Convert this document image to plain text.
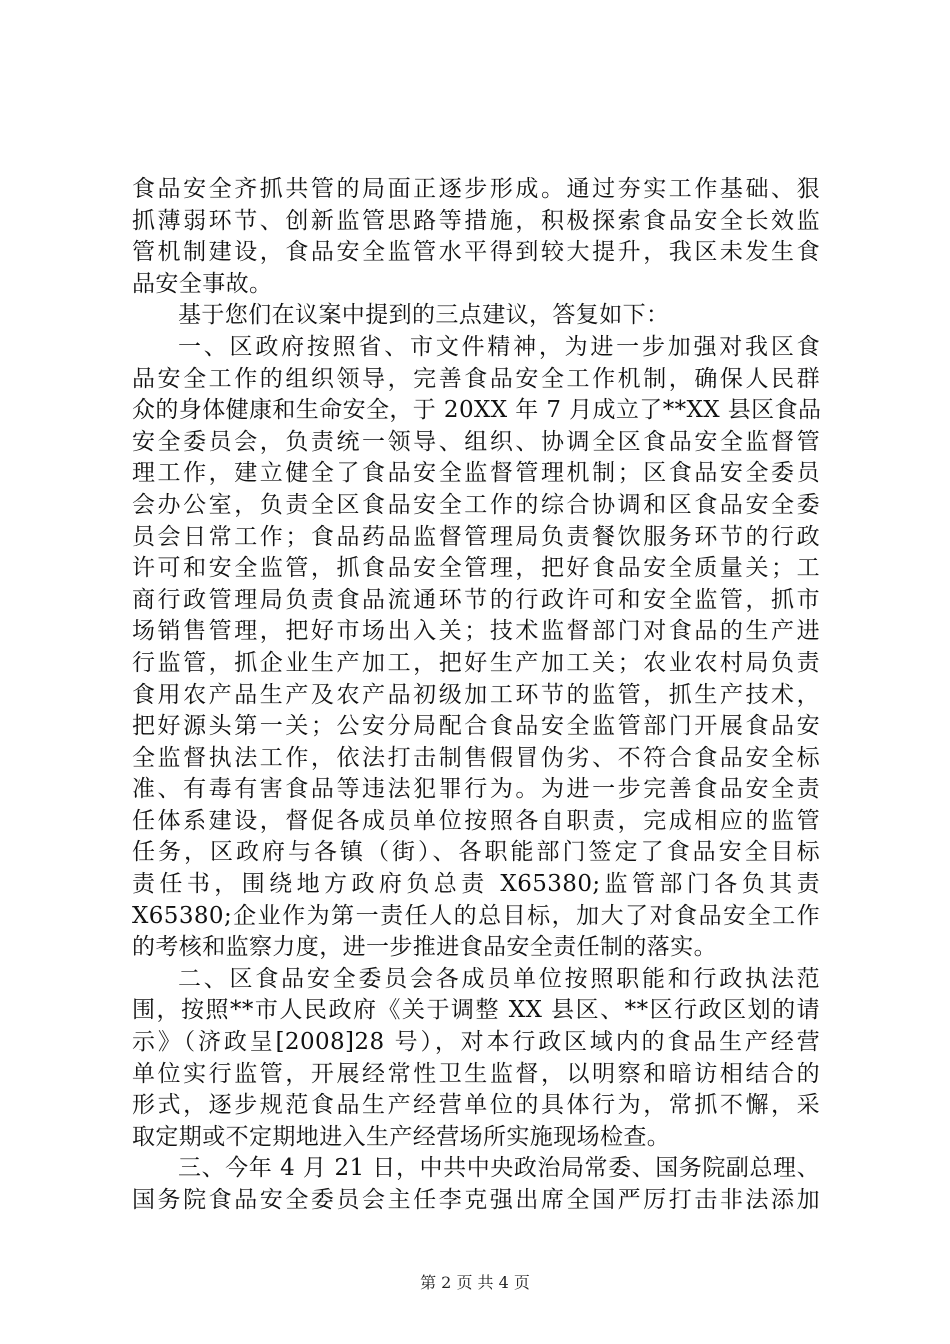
食品安全齐抓共管的局面正逐步形成。通过夯实工作基础、狠
抓薄弱环节、创新监管思路等措施，积极探索食品安全长效监
管机制建设，食品安全监管水平得到较大提升，我区未发生食
品安全事故。
基于您们在议案中提到的三点建议，答复如下：
一、区政府按照省、市文件精神，为进一步加强对我区食
品安全工作的组织领导，完善食品安全工作机制，确保人民群
众的身体健康和生命安全，于 20XX 年 7 月成立了**XX 县区食品
安全委员会，负责统一领导、组织、协调全区食品安全监督管
理工作，建立健全了食品安全监督管理机制；区食品安全委员
会办公室，负责全区食品安全工作的综合协调和区食品安全委
员会日常工作；食品药品监督管理局负责餐饮服务环节的行政
许可和安全监管，抓食品安全管理，把好食品安全质量关；工
商行政管理局负责食品流通环节的行政许可和安全监管，抓市
场销售管理，把好市场出入关；技术监督部门对食品的生产进
行监管，抓企业生产加工，把好生产加工关；农业农村局负责
食用农产品生产及农产品初级加工环节的监管，抓生产技术，
把好源头第一关；公安分局配合食品安全监管部门开展食品安
全监督执法工作，依法打击制售假冒伪劣、不符合食品安全标
准、有毒有害食品等违法犯罪行为。为进一步完善食品安全责
任体系建设，督促各成员单位按照各自职责，完成相应的监管
任务，区政府与各镇（街）、各职能部门签定了食品安全目标
责任书，围绕地方政府负总责 X65380;监管部门各负其责
X65380;企业作为第一责任人的总目标，加大了对食品安全工作
的考核和监察力度，进一步推进食品安全责任制的落实。
二、区食品安全委员会各成员单位按照职能和行政执法范
围，按照**市人民政府《关于调整 XX 县区、**区行政区划的请
示》（济政呈[2008]28 号），对本行政区域内的食品生产经营
单位实行监管，开展经常性卫生监督，以明察和暗访相结合的
形式，逐步规范食品生产经营单位的具体行为，常抓不懈，采
取定期或不定期地进入生产经营场所实施现场检查。
三、今年 4 月 21 日，中共中央政治局常委、国务院副总理、
国务院食品安全委员会主任李克强出席全国严厉打击非法添加
第 2 页 共 4 页
